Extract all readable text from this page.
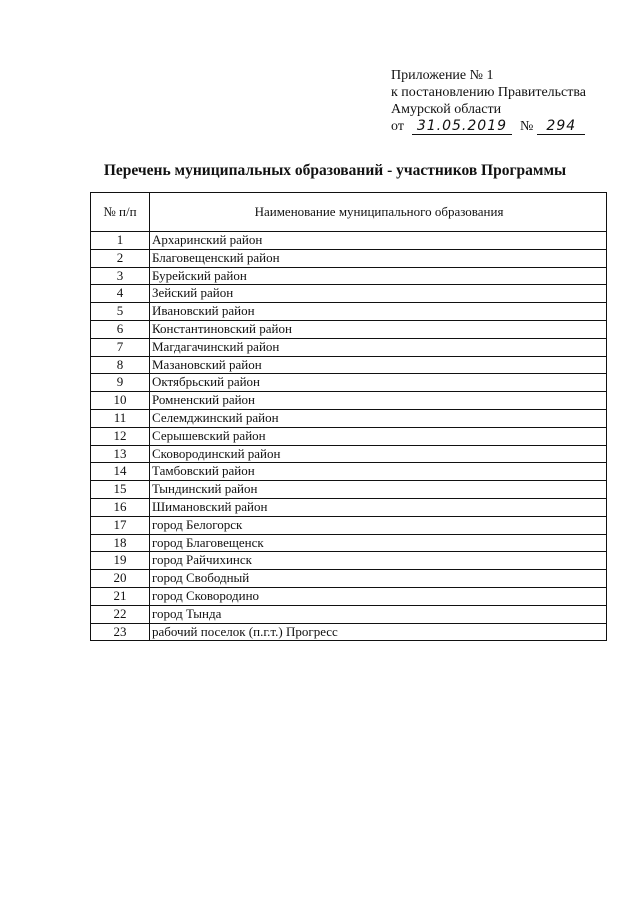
Приложение № 1
к постановлению Правительства
Амурской области
от 31.05.2019 № 294
Перечень муниципальных образований - участников Программы
№ п/п	Наименование муниципального образования
1	Архаринский район
2	Благовещенский район
3	Бурейский район
4	Зейский район
5	Ивановский район
6	Константиновский район
7	Магдагачинский район
8	Мазановский район
9	Октябрьский район
10	Ромненский район
11	Селемджинский район
12	Серышевский район
13	Сковородинский район
14	Тамбовский район
15	Тындинский район
16	Шимановский район
17	город Белогорск
18	город Благовещенск
19	город Райчихинск
20	город Свободный
21	город Сковородино
22	город Тында
23	рабочий поселок (п.г.т.) Прогресс
